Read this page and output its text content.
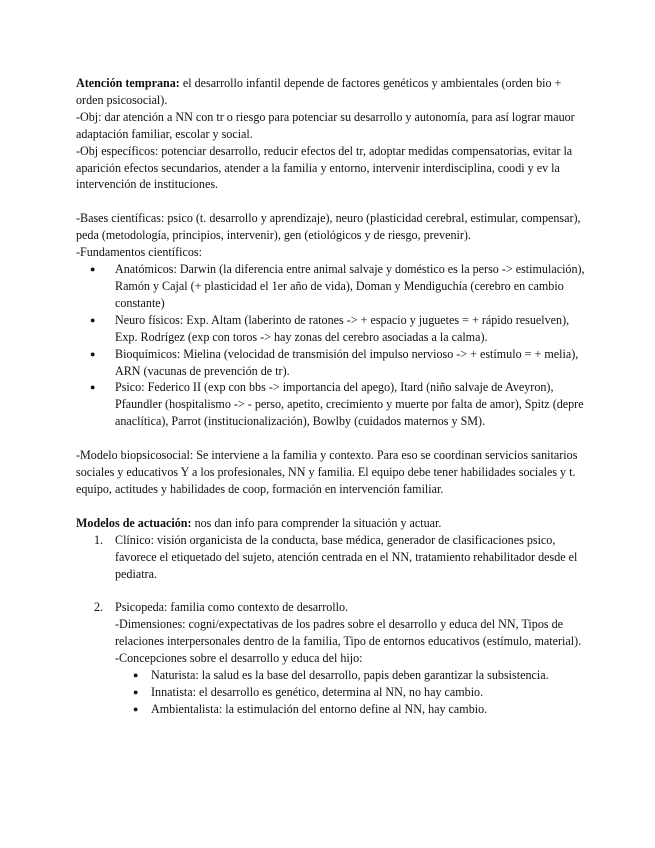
Atención temprana: el desarrollo infantil depende de factores genéticos y ambientales (orden bio + orden psicosocial).

-Obj: dar atención a NN con tr o riesgo para potenciar su desarrollo y autonomía, para así lograr mauor adaptación familiar, escolar y social.

-Obj específicos: potenciar desarrollo, reducir efectos del tr, adoptar medidas compensatorias, evitar la aparición efectos secundarios, atender a la familia y entorno, intervenir interdisciplina, coodi y ev la intervención de instituciones.

-Bases científicas: psico (t. desarrollo y aprendizaje), neuro (plasticidad cerebral, estimular, compensar), peda (metodología, principios, intervenir), gen (etiológicos y de riesgo, prevenir).

-Fundamentos científicos:

● Anatómicos: Darwin (la diferencia entre animal salvaje y doméstico es la perso -> estimulación), Ramón y Cajal (+ plasticidad el 1er año de vida), Doman y Mendiguchía (cerebro en cambio constante)
● Neuro físicos: Exp. Altam (laberinto de ratones -> + espacio y juguetes = + rápido resuelven), Exp. Rodrígez (exp con toros -> hay zonas del cerebro asociadas a la calma).
● Bioquímicos: Mielina (velocidad de transmisión del impulso nervioso -> + estímulo = + melia), ARN (vacunas de prevención de tr).
● Psico: Federico II (exp con bbs -> importancia del apego), Itard (niño salvaje de Aveyron), Pfaundler (hospitalismo -> - perso, apetito, crecimiento y muerte por falta de amor), Spitz (depre anaclítica), Parrot (institucionalización), Bowlby (cuidados maternos y SM).

-Modelo biopsicosocial: Se interviene a la familia y contexto. Para eso se coordinan servicios sanitarios sociales y educativos Y a los profesionales, NN y familia. El equipo debe tener habilidades sociales y t. equipo, actitudes y habilidades de coop, formación en intervención familiar.

Modelos de actuación: nos dan info para comprender la situación y actuar.

1. Clínico: visión organicista de la conducta, base médica, generador de clasificaciones psico, favorece el etiquetado del sujeto, atención centrada en el NN, tratamiento rehabilitador desde el pediatra.
2. Psicopeda: familia como contexto de desarrollo.

-Dimensiones: cogni/expectativas de los padres sobre el desarrollo y educa del NN, Tipos de relaciones interpersonales dentro de la familia, Tipo de entornos educativos (estímulo, material).

-Concepciones sobre el desarrollo y educa del hijo:

● Naturista: la salud es la base del desarrollo, papis deben garantizar la subsistencia.
● Innatista: el desarrollo es genético, determina al NN, no hay cambio.
● Ambientalista: la estimulación del entorno define al NN, hay cambio.
